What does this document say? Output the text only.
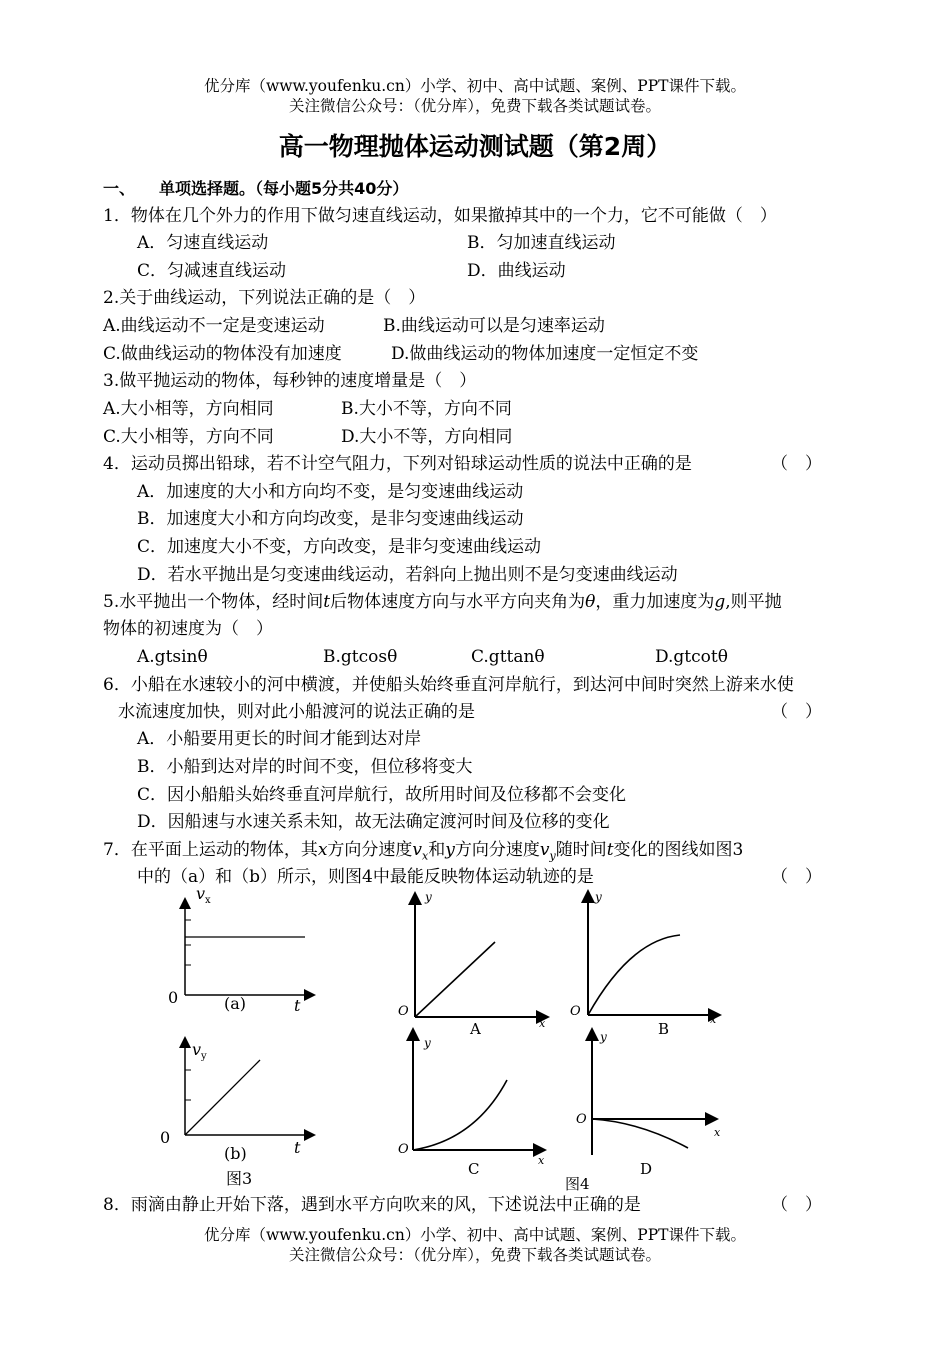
优分库（www.youfenku.cn）小学、初中、高中试题、案例、PPT课件下载。
关注微信公众号：（优分库），免费下载各类试题试卷。
高一物理抛体运动测试题（第2周）
一、　　单项选择题。（每小题5分共40分）
1．物体在几个外力的作用下做匀速直线运动，如果撤掉其中的一个力，它不可能做（　）
A．匀速直线运动	B．匀加速直线运动
C．匀减速直线运动	D．曲线运动
2.关于曲线运动，下列说法正确的是（　）
A.曲线运动不一定是变速运动	B.曲线运动可以是匀速率运动
C.做曲线运动的物体没有加速度	D.做曲线运动的物体加速度一定恒定不变
3.做平抛运动的物体，每秒钟的速度增量是（　）
A.大小相等，方向相同	B.大小不等，方向不同
C.大小相等，方向不同	D.大小不等，方向相同
4．运动员掷出铅球，若不计空气阻力，下列对铅球运动性质的说法中正确的是	（　）
A．加速度的大小和方向均不变，是匀变速曲线运动
B．加速度大小和方向均改变，是非匀变速曲线运动
C．加速度大小不变，方向改变，是非匀变速曲线运动
D．若水平抛出是匀变速曲线运动，若斜向上抛出则不是匀变速曲线运动
5.水平抛出一个物体，经时间t后物体速度方向与水平方向夹角为θ，重力加速度为g,则平抛
物体的初速度为（　）
A.gtsinθ	B.gtcosθ	C.gttanθ	D.gtcotθ
6．小船在水速较小的河中横渡，并使船头始终垂直河岸航行，到达河中间时突然上游来水使
水流速度加快，则对此小船渡河的说法正确的是	（　）
A．小船要用更长的时间才能到达对岸
B．小船到达对岸的时间不变，但位移将变大
C．因小船船头始终垂直河岸航行，故所用时间及位移都不会变化
D．因船速与水速关系未知，故无法确定渡河时间及位移的变化
7．在平面上运动的物体，其x方向分速度$v_x$和y方向分速度$v_y$随时间t变化的图线如图3
中的（a）和（b）所示，则图4中最能反映物体运动轨迹的是	（　）
$v_x$
0	(a)	t
$v_y$
0
(b)	t
图3
y
O
x
A
y
O
x
B
y
O
x
C
y
O
x
D
图4
8．雨滴由静止开始下落，遇到水平方向吹来的风，下述说法中正确的是	（　）
优分库（www.youfenku.cn）小学、初中、高中试题、案例、PPT课件下载。
关注微信公众号：（优分库），免费下载各类试题试卷。
